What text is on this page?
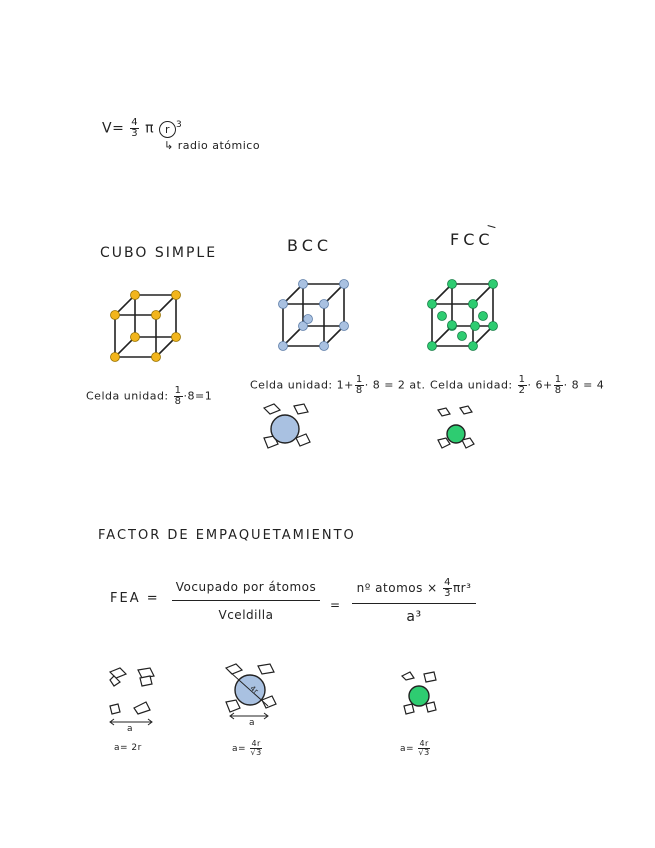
$V= \frac{4}{3}$ π r $^3$
↳ radio atómico
CUBO SIMPLE	BCC	FCC
Celda unidad: $\frac{1}{8} \cdot 8=1$
Celda unidad: $1+ \frac{1}{8} \cdot 8 = 2$ at. Celda unidad: $\frac{1}{2} \cdot 6+ \frac{1}{8} \cdot 8 = 4$
FACTOR DE EMPAQUETAMIENTO
FEA =
Vocupado por átomos
Vceldilla
=
nº atomos × $\frac{4}{3} \pi r^3$
a³
a
a= 2r
4r
a
$a= \frac{4r}{√3}$	$a= \frac{4r}{√3}$
